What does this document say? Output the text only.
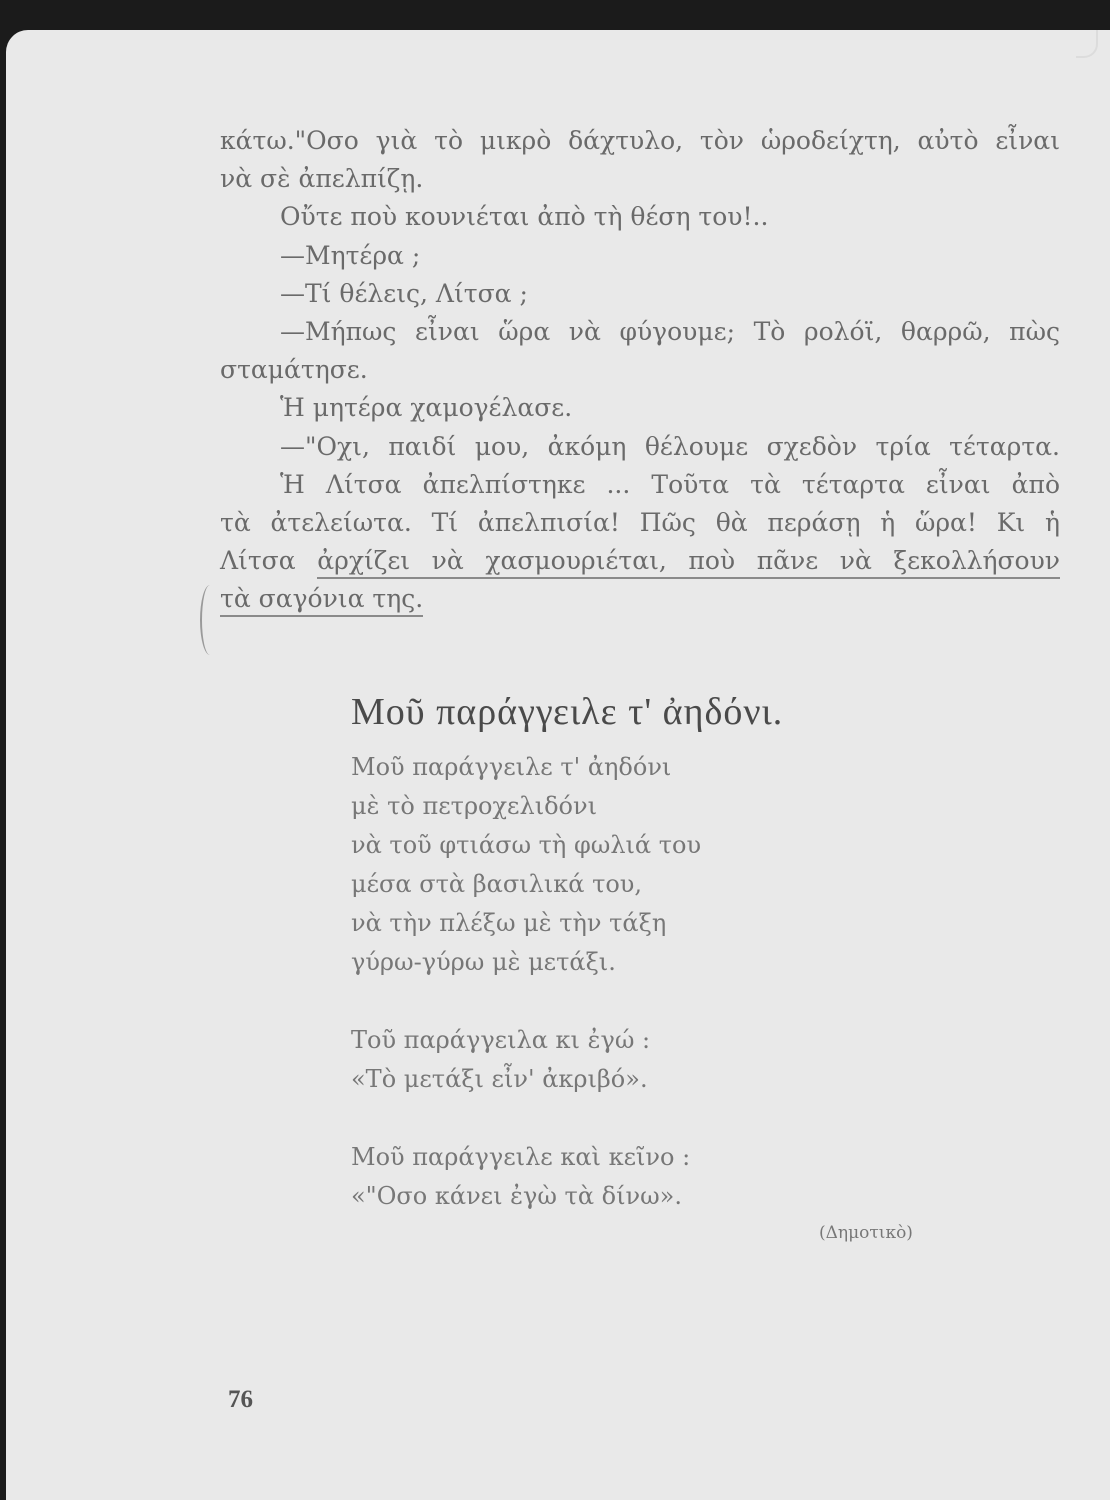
κάτω."Οσο γιὰ τὸ μικρὸ δάχτυλο, τὸν ὡροδείχτη, αὐτὸ εἶναι
νὰ σὲ ἀπελπίζῃ.
Οὔτε ποὺ κουνιέται ἀπὸ τὴ θέση του!..
—Μητέρα ;
—Τί θέλεις, Λίτσα ;
—Μήπως εἶναι ὥρα νὰ φύγουμε; Τὸ ρολόϊ, θαρρῶ, πὼς
σταμάτησε.
Ἡ μητέρα χαμογέλασε.
—"Οχι, παιδί μου, ἀκόμη θέλουμε σχεδὸν τρία τέταρτα.
Ἡ Λίτσα ἀπελπίστηκε ... Τοῦτα τὰ τέταρτα εἶναι ἀπὸ
τὰ ἀτελείωτα. Τί ἀπελπισία! Πῶς θὰ περάσῃ ἡ ὥρα! Κι ἡ
Λίτσα ἀρχίζει νὰ χασμουριέται, ποὺ πᾶνε νὰ ξεκολλήσουν
τὰ σαγόνια της.
Μοῦ παράγγειλε τ' ἀηδόνι.
Μοῦ παράγγειλε τ' ἀηδόνι
μὲ τὸ πετροχελιδόνι
νὰ τοῦ φτιάσω τὴ φωλιά του
μέσα στὰ βασιλικά του,
νὰ τὴν πλέξω μὲ τὴν τάξη
γύρω-γύρω μὲ μετάξι.
Τοῦ παράγγειλα κι ἐγώ :
«Τὸ μετάξι εἶν' ἀκριβό».
Μοῦ παράγγειλε καὶ κεῖνο :
«"Οσο κάνει ἐγὼ τὰ δίνω».
(Δημοτικὸ)
76
